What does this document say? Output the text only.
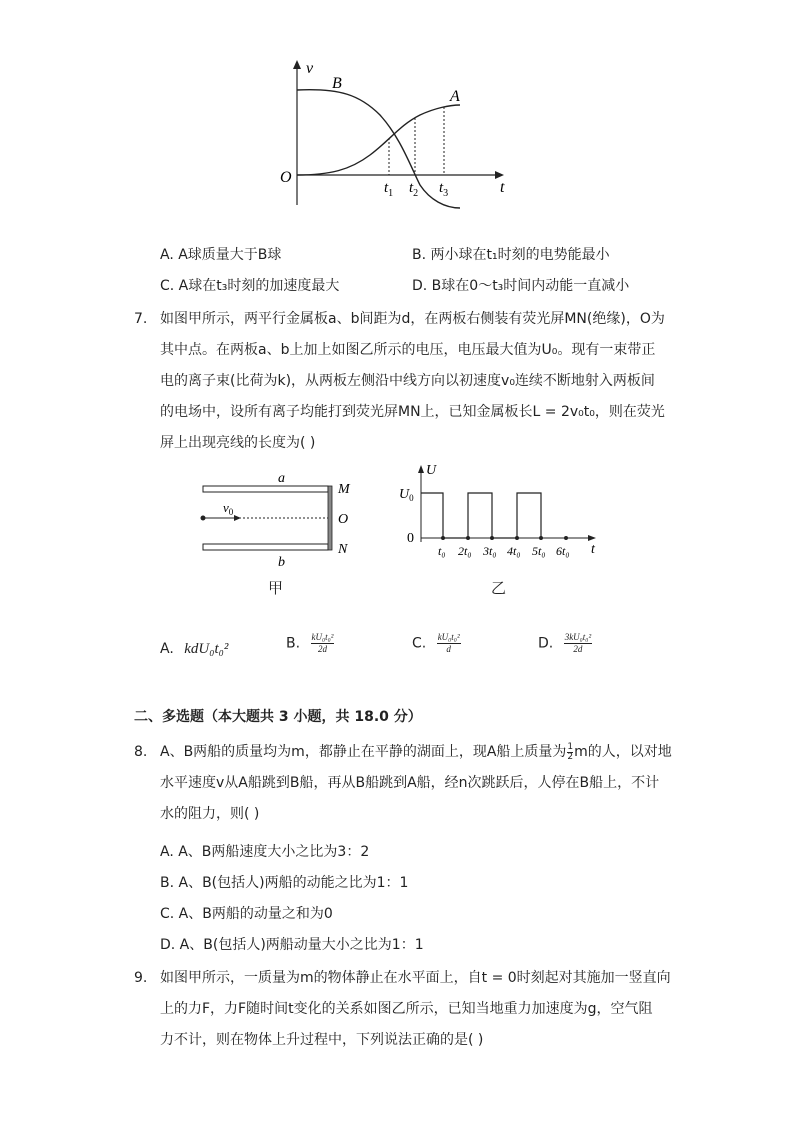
v
t
O
B
A
$t_1$ $t_2$ $t_3$
A. A球质量大于B球	B. 两小球在t₁时刻的电势能最小
C. A球在t₃时刻的加速度最大	D. B球在0～t₃时间内动能一直减小
7. 如图甲所示，两平行金属板a、b间距为d，在两板右侧装有荧光屏MN(绝缘)，O为
其中点。在两板a、b上加上如图乙所示的电压，电压最大值为U₀。现有一束带正
电的离子束(比荷为k)，从两板左侧沿中线方向以初速度v₀连续不断地射入两板间
的电场中，设所有离子均能打到荧光屏MN上，已知金属板长L = 2v₀t₀，则在荧光
屏上出现亮线的长度为( )
$v_0$
a
b
M
O
N
甲
U
$U_0$
0
t
t₀ 2t₀ 3t₀ 4t₀ 5t₀ 6t₀
乙
A. kdU₀t₀²	B. $\frac{\text{kU₀t₀²}}{2d}$	C. $\frac{\text{kU₀t₀²}}{d}$	D. $\frac{\text{3kU₀t₀²}}{2d}$
二、多选题（本大题共 3 小题，共 18.0 分）
8. A、B两船的质量均为m，都静止在平静的湖面上，现A船上质量为 $\frac{1}{2}$ m的人，以对地
水平速度v从A船跳到B船，再从B船跳到A船，经n次跳跃后，人停在B船上，不计
水的阻力，则( )
A. A、B两船速度大小之比为3：2
B. A、B(包括人)两船的动能之比为1：1
C. A、B两船的动量之和为0
D. A、B(包括人)两船动量大小之比为1：1
9. 如图甲所示，一质量为m的物体静止在水平面上，自t = 0时刻起对其施加一竖直向
上的力F，力F随时间t变化的关系如图乙所示，已知当地重力加速度为g，空气阻
力不计，则在物体上升过程中，下列说法正确的是( )
